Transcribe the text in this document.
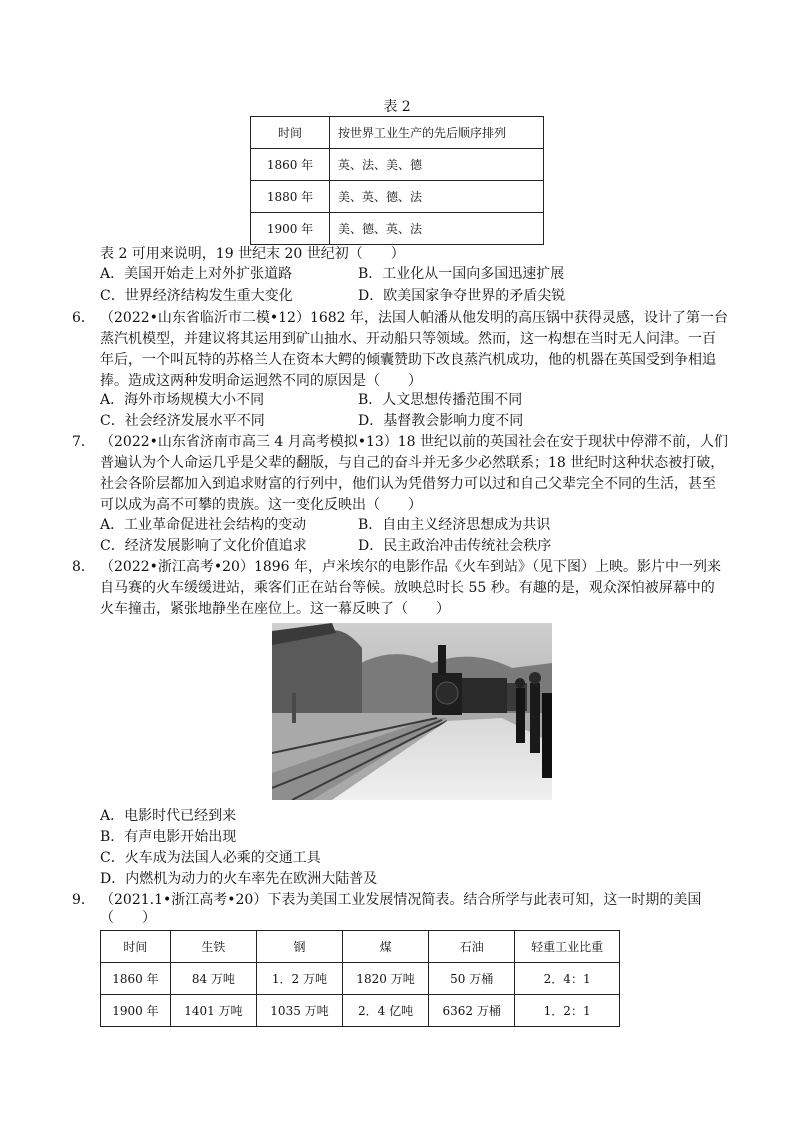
表 2
时间	按世界工业生产的先后顺序排列
1860 年	英、法、美、德
1880 年	美、英、德、法
1900 年	美、德、英、法
表 2 可用来说明，19 世纪末 20 世纪初（　　）
A．美国开始走上对外扩张道路	B．工业化从一国向多国迅速扩展
C．世界经济结构发生重大变化	D．欧美国家争夺世界的矛盾尖锐
6． （2022•山东省临沂市二模•12）1682 年，法国人帕潘从他发明的高压锅中获得灵感，设计了第一台
蒸汽机模型，并建议将其运用到矿山抽水、开动船只等领域。然而，这一构想在当时无人问津。一百
年后，一个叫瓦特的苏格兰人在资本大鳄的倾囊赞助下改良蒸汽机成功，他的机器在英国受到争相追
捧。造成这两种发明命运迥然不同的原因是（　　）
A．海外市场规模大小不同	B．人文思想传播范围不同
C．社会经济发展水平不同	D．基督教会影响力度不同
7． （2022•山东省济南市高三 4 月高考模拟•13）18 世纪以前的英国社会在安于现状中停滞不前，人们
普遍认为个人命运几乎是父辈的翻版，与自己的奋斗并无多少必然联系；18 世纪时这种状态被打破，
社会各阶层都加入到追求财富的行列中，他们认为凭借努力可以过和自己父辈完全不同的生活，甚至
可以成为高不可攀的贵族。这一变化反映出（　　）
A．工业革命促进社会结构的变动	B．自由主义经济思想成为共识
C．经济发展影响了文化价值追求	D．民主政治冲击传统社会秩序
8． （2022•浙江高考•20）1896 年，卢米埃尔的电影作品《火车到站》（见下图）上映。影片中一列来
自马赛的火车缓缓进站，乘客们正在站台等候。放映总时长 55 秒。有趣的是，观众深怕被屏幕中的
火车撞击，紧张地静坐在座位上。这一幕反映了（　　）
A．电影时代已经到来
B．有声电影开始出现
C．火车成为法国人必乘的交通工具
D．内燃机为动力的火车率先在欧洲大陆普及
9． （2021.1•浙江高考•20）下表为美国工业发展情况简表。结合所学与此表可知，这一时期的美国
（　　）
时间	生铁	钢	煤	石油	轻重工业比重
1860 年	84 万吨	1．2 万吨	1820 万吨	50 万桶	2．4：1
1900 年	1401 万吨	1035 万吨	2．4 亿吨	6362 万桶	1．2：1
